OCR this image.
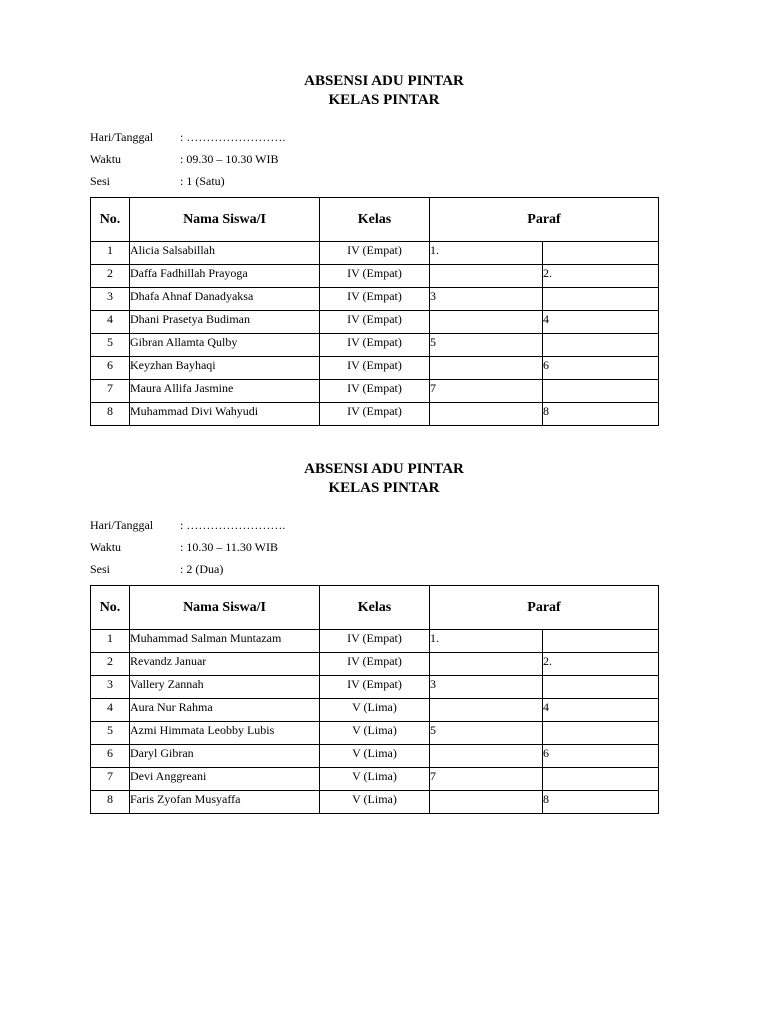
ABSENSI ADU PINTAR
KELAS PINTAR
Hari/Tanggal : …………………….
Waktu	: 09.30 – 10.30 WIB
Sesi	: 1 (Satu)
No.	Nama Siswa/I	Kelas	Paraf	
1	Alicia Salsabillah	IV (Empat)	1.	
2	Daffa Fadhillah Prayoga	IV (Empat)		2.
3	Dhafa Ahnaf Danadyaksa	IV (Empat)	3	
4	Dhani Prasetya Budiman	IV (Empat)		4
5	Gibran Allamta Qulby	IV (Empat)	5	
6	Keyzhan Bayhaqi	IV (Empat)		6
7	Maura Allifa Jasmine	IV (Empat)	7	
8	Muhammad Divi Wahyudi	IV (Empat)		8
ABSENSI ADU PINTAR
KELAS PINTAR
Hari/Tanggal : …………………….
Waktu	: 10.30 – 11.30 WIB
Sesi	: 2 (Dua)
No.	Nama Siswa/I	Kelas	Paraf	
1	Muhammad Salman Muntazam	IV (Empat)	1.	
2	Revandz Januar	IV (Empat)		2.
3	Vallery Zannah	IV (Empat)	3	
4	Aura Nur Rahma	V (Lima)		4
5	Azmi Himmata Leobby Lubis	V (Lima)	5	
6	Daryl Gibran	V (Lima)		6
7	Devi Anggreani	V (Lima)	7	
8	Faris Zyofan Musyaffa	V (Lima)		8
